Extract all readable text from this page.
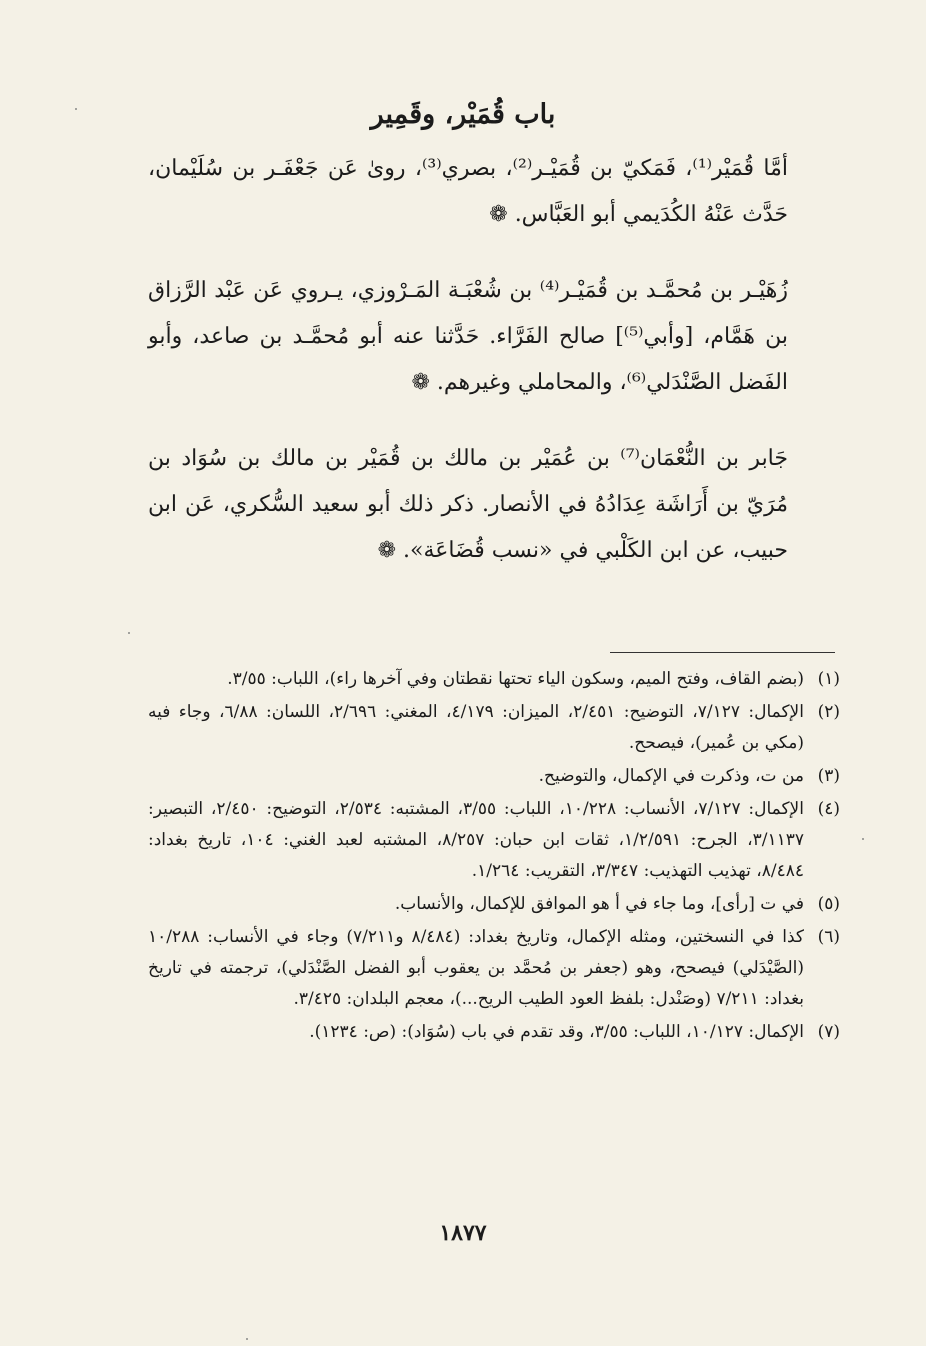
باب قُمَيْر، وقَمِير
أمَّا قُمَيْر⁽¹⁾، فَمَكيّ بن قُمَيْـر⁽²⁾، بصري⁽³⁾، روىٰ عَن جَعْفَـر بن سُلَيْمان، حَدَّث عَنْهُ الكُدَيمي أبو العَبَّاس. ❁
زُهَيْـر بن مُحمَّـد بن قُمَيْـر⁽⁴⁾ بن شُعْبَـة المَـرْوزي، يـروي عَن عَبْد الرَّزاق بن هَمَّام، [وأبي⁽⁵⁾] صالح الفَرَّاء. حَدَّثنا عنه أبو مُحمَّـد بن صاعد، وأبو الفَضل الصَّنْدَلي⁽⁶⁾، والمحاملي وغيرهم. ❁
جَابر بن النُّعْمَان⁽⁷⁾ بن عُمَيْر بن مالك بن قُمَيْر بن مالك بن سُوَاد بن مُرَيّ بن أَرَاشَة عِدَادُهُ في الأنصار. ذكر ذلك أبو سعيد السُّكري، عَن ابن حبيب، عن ابن الكَلْبي في «نسب قُضَاعَة». ❁
(١)
(بضم القاف، وفتح الميم، وسكون الياء تحتها نقطتان وفي آخرها راء)، اللباب: ٣/٥٥.
(٢)
الإكمال: ٧/١٢٧، التوضيح: ٢/٤٥١، الميزان: ٤/١٧٩، المغني: ٢/٦٩٦، اللسان: ٦/٨٨، وجاء فيه (مكي بن عُمير)، فيصحح.
(٣)
من ت، وذكرت في الإكمال، والتوضيح.
(٤)
الإكمال: ٧/١٢٧، الأنساب: ١٠/٢٢٨، اللباب: ٣/٥٥، المشتبه: ٢/٥٣٤، التوضيح: ٢/٤٥٠، التبصير: ٣/١١٣٧، الجرح: ١/٢/٥٩١، ثقات ابن حبان: ٨/٢٥٧، المشتبه لعبد الغني: ١٠٤، تاريخ بغداد: ٨/٤٨٤، تهذيب التهذيب: ٣/٣٤٧، التقريب: ١/٢٦٤.
(٥)
في ت [رأى]، وما جاء في أ هو الموافق للإكمال، والأنساب.
(٦)
كذا في النسختين، ومثله الإكمال، وتاريخ بغداد: (٨/٤٨٤ و٧/٢١١) وجاء في الأنساب: ١٠/٢٨٨ (الصَّيْدَلي) فيصحح، وهو (جعفر بن مُحمَّد بن يعقوب أبو الفضل الصَّنْدَلي)، ترجمته في تاريخ بغداد: ٧/٢١١ (وصَنْدل: بلفظ العود الطيب الريح...)، معجم البلدان: ٣/٤٢٥.
(٧)
الإكمال: ١٠/١٢٧، اللباب: ٣/٥٥، وقد تقدم في باب (سُوَاد): (ص: ١٢٣٤).
١٨٧٧
